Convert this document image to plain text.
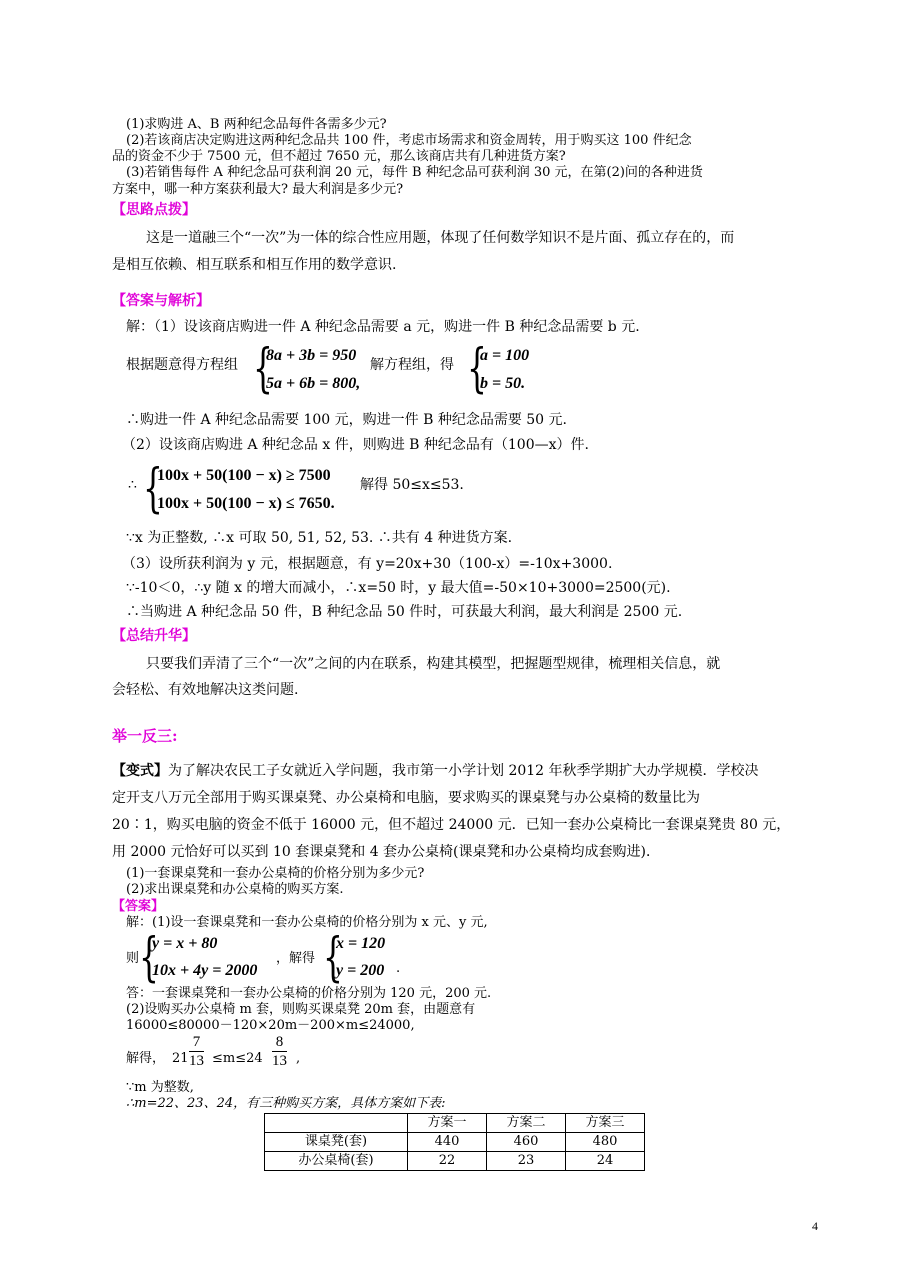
(1)求购进 A、B 两种纪念品每件各需多少元?
(2)若该商店决定购进这两种纪念品共 100 件，考虑市场需求和资金周转，用于购买这 100 件纪念
品的资金不少于 7500 元，但不超过 7650 元，那么该商店共有几种进货方案?
(3)若销售每件 A 种纪念品可获利润 20 元，每件 B 种纪念品可获利润 30 元，在第(2)问的各种进货
方案中，哪一种方案获利最大? 最大利润是多少元?
【思路点拨】
这是一道融三个“一次”为一体的综合性应用题，体现了任何数学知识不是片面、孤立存在的，而
是相互依赖、相互联系和相互作用的数学意识.
【答案与解析】
解：（1）设该商店购进一件 A 种纪念品需要 a 元，购进一件 B 种纪念品需要 b 元.
根据题意得方程组 {
8a + 3b = 950
5a + 6b = 800,
解方程组，得 {
a = 100
b = 50.
∴购进一件 A 种纪念品需要 100 元，购进一件 B 种纪念品需要 50 元.
（2）设该商店购进 A 种纪念品 x 件，则购进 B 种纪念品有（100—x）件.
∴ {
100x + 50(100 − x) ≥ 7500
100x + 50(100 − x) ≤ 7650.
解得 50≤x≤53.
∵x 为正整数, ∴x 可取 50, 51, 52, 53. ∴共有 4 种进货方案.
（3）设所获利润为 y 元，根据题意，有 y=20x+30（100-x）=-10x+3000.
∵-10＜0，∴y 随 x 的增大而减小，∴x=50 时，y 最大值=-50×10+3000=2500(元).
∴当购进 A 种纪念品 50 件，B 种纪念品 50 件时，可获最大利润，最大利润是 2500 元.
【总结升华】
只要我们弄清了三个“一次”之间的内在联系，构建其模型，把握题型规律，梳理相关信息，就
会轻松、有效地解决这类问题.
举一反三:
【变式】为了解决农民工子女就近入学问题，我市第一小学计划 2012 年秋季学期扩大办学规模．学校决
定开支八万元全部用于购买课桌凳、办公桌椅和电脑，要求购买的课桌凳与办公桌椅的数量比为
20∶1，购买电脑的资金不低于 16000 元，但不超过 24000 元．已知一套办公桌椅比一套课桌凳贵 80 元，
用 2000 元恰好可以买到 10 套课桌凳和 4 套办公桌椅(课桌凳和办公桌椅均成套购进)．
(1)一套课桌凳和一套办公桌椅的价格分别为多少元?
(2)求出课桌凳和办公桌椅的购买方案.
【答案】
解：(1)设一套课桌凳和一套办公桌椅的价格分别为 x 元、y 元,
则 {
y = x + 80
10x + 4y = 2000
，解得 {
x = 120
y = 200 .
答：一套课桌凳和一套办公桌椅的价格分别为 120 元，200 元.
(2)设购买办公桌椅 m 套，则购买课桌凳 20m 套，由题意有
16000≤80000－120×20m－200×m≤24000,
解得， 21
7
13 ≤m≤24
8
13 ,
∵m 为整数,
∴m=22、23、24，有三种购买方案，具体方案如下表:
	方案一	方案二	方案三
课桌凳(套)	440	460	480
办公桌椅(套)	22	23	24
4
